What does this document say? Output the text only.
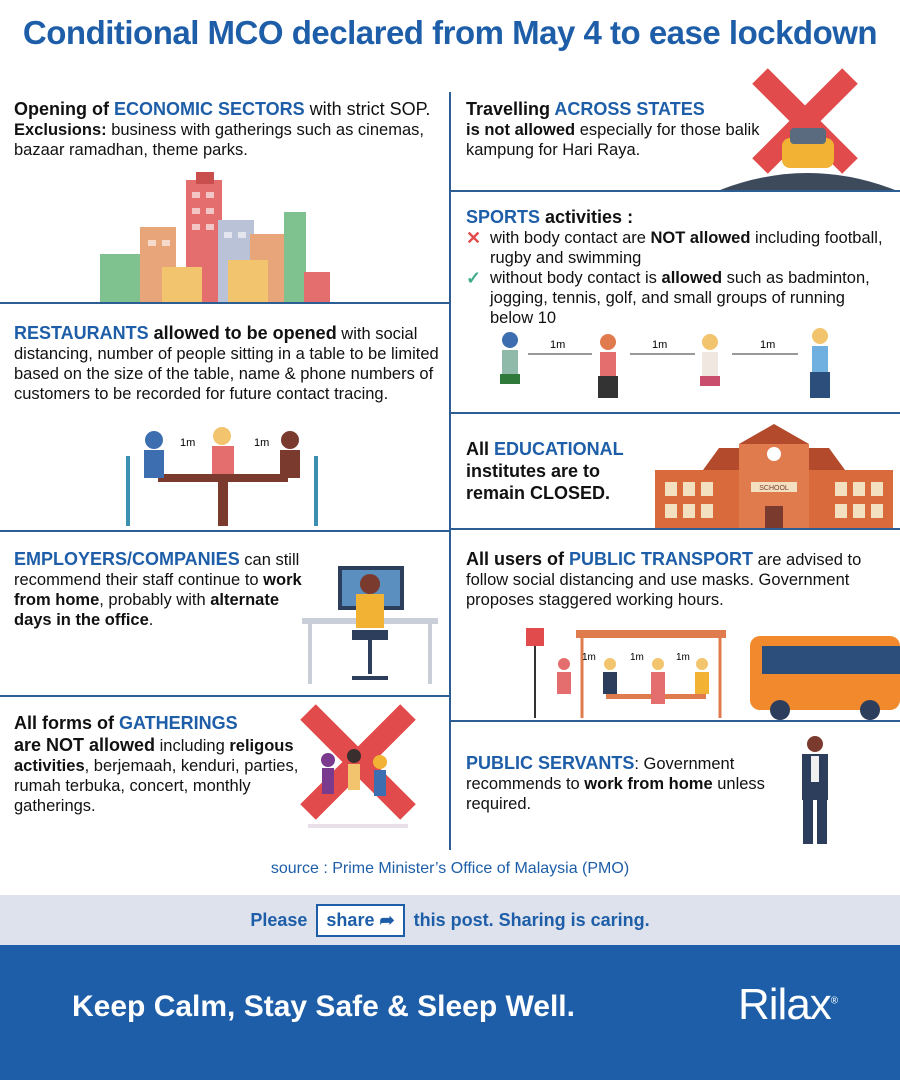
Conditional MCO declared from May 4 to ease lockdown
Opening of ECONOMIC SECTORS with strict SOP.
Exclusions: business with gatherings such as cinemas, bazaar ramadhan, theme parks.
Travelling ACROSS STATES
is not allowed especially for those balik kampung for Hari Raya.
SPORTS activities :
✕ with body contact are NOT allowed including football, rugby and swimming
✓ without body contact is allowed such as badminton, jogging, tennis, golf, and small groups of running below 10
1m	1m	1m
RESTAURANTS allowed to be opened with social distancing, number of people sitting in a table to be limited based on the size of the table, name & phone numbers of customers to be recorded for future contact tracing.
1m	1m	All EDUCATIONAL
institutes are to
remain CLOSED.	SCHOOL
EMPLOYERS/COMPANIES can still recommend their staff continue to work from home, probably with alternate days in the office.
All users of PUBLIC TRANSPORT are advised to follow social distancing and use masks. Government proposes staggered working hours.
1m	1m	1m
All forms of GATHERINGS
are NOT allowed including religous activities, berjemaah, kenduri, parties, rumah terbuka, concert, monthly gatherings.
PUBLIC SERVANTS: Government recommends to work from home unless required.
source : Prime Minister’s Office of Malaysia (PMO)
Please share ➦ this post. Sharing is caring.
Keep Calm, Stay Safe & Sleep Well.	Rilax®
